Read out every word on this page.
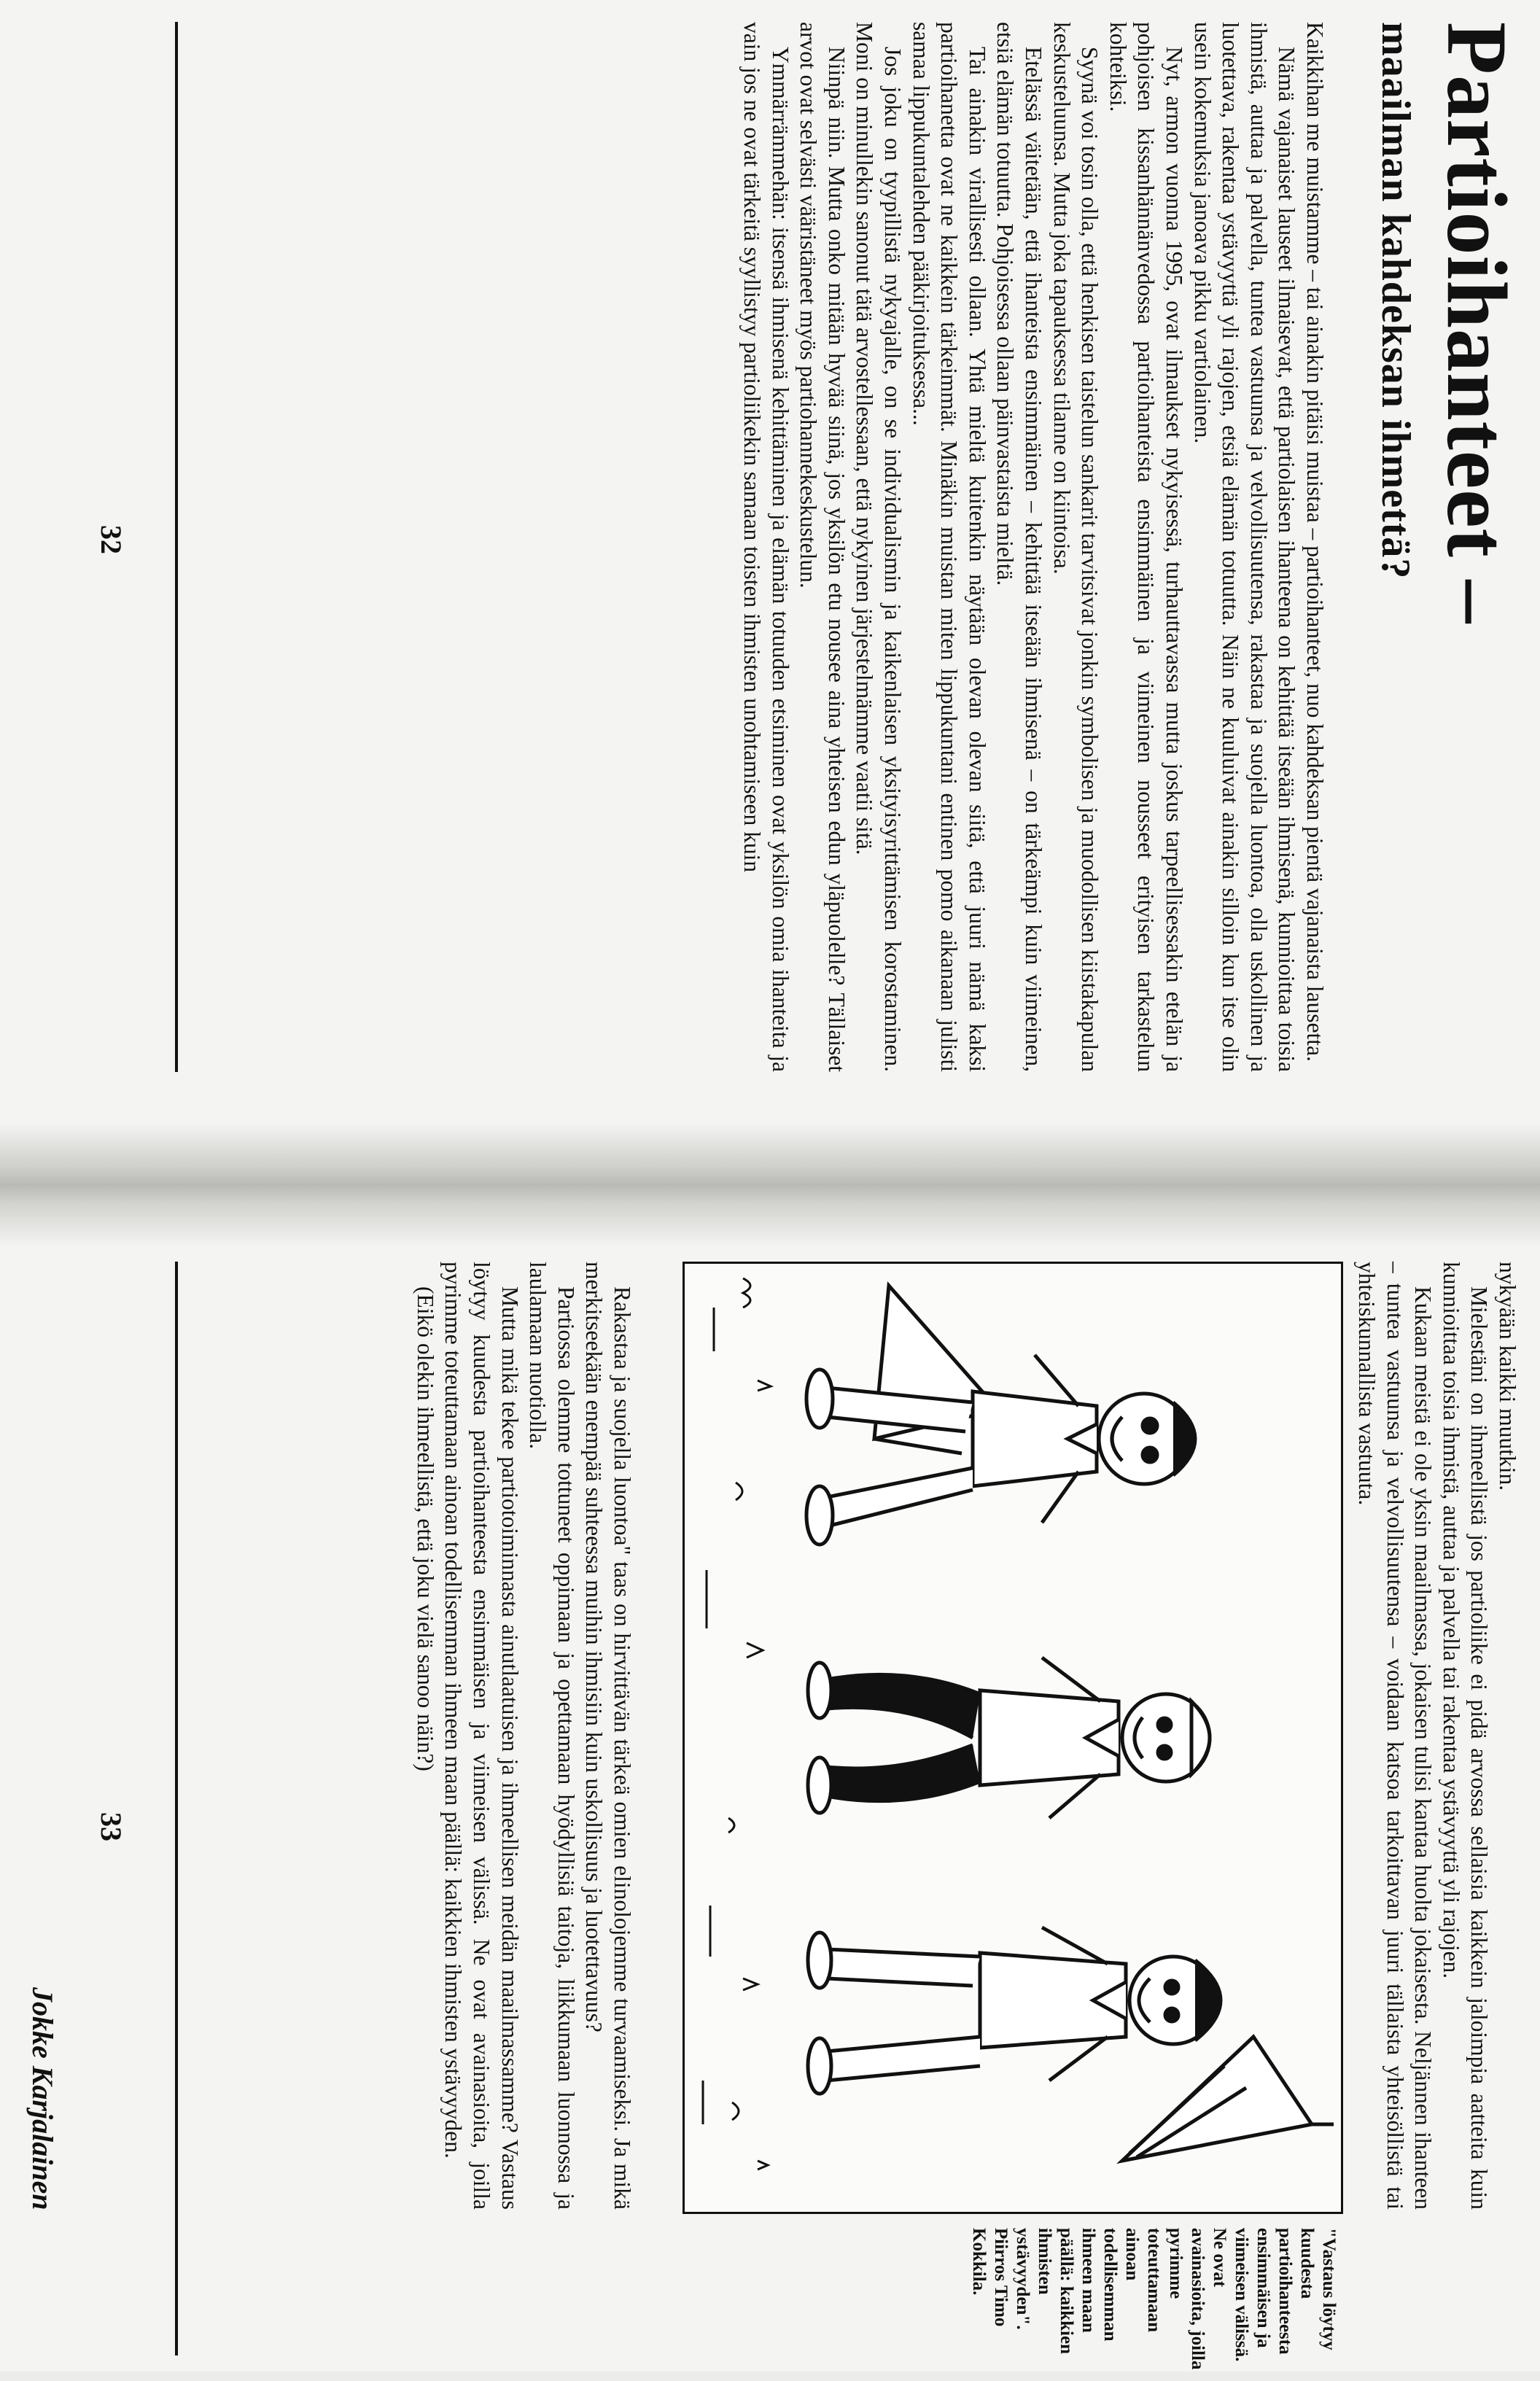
Partioihanteet –
maailman kahdeksan ihmettä?

Kaikkihan me muistamme – tai ainakin pitäisi muistaa – partioihanteet, nuo kahdeksan pientä vajanaista lausetta.

Nämä vajanaiset lauseet ilmaisevat, että partiolaisen ihanteena on kehittää itseään ihmisenä, kunnioittaa toisia ihmistä, auttaa ja palvella, tuntea vastuunsa ja velvollisuutensa, rakastaa ja suojella luontoa, olla uskollinen ja luotettava, rakentaa ystävyyttä yli rajojen, etsiä elämän totuutta. Näin ne kuuluivat ainakin silloin kun itse olin usein kokemuksia janoava pikku vartiolainen.

Nyt, armon vuonna 1995, ovat ilmaukset nykyisessä, turhauttavassa mutta joskus tarpeellisessakin etelän ja pohjoisen kissanhännänvedossa partioihanteista ensimmäinen ja viimeinen nousseet erityisen tarkastelun kohteiksi.

Syynä voi tosin olla, että henkisen taistelun sankarit tarvitsivat jonkin symbolisen ja muodollisen kiistakapulan keskusteluunsa. Mutta joka tapauksessa tilanne on kiintoisa.

Etelässä väitetään, että ihanteista ensimmäinen – kehittää itseään ihmisenä – on tärkeämpi kuin viimeinen, etsiä elämän totuutta. Pohjoisessa ollaan päinvastaista mieltä.

Tai ainakin virallisesti ollaan. Yhtä mieltä kuitenkin näytään olevan olevan siitä, että juuri nämä kaksi partioihanetta ovat ne kaikkein tärkeimmät. Minäkin muistan miten lippukuntani entinen pomo aikanaan julisti samaa lippukuntalehden pääkirjoituksessa...

Jos joku on tyypillistä nykyajalle, on se individualismin ja kaikenlaisen yksityisyrittämisen korostaminen. Moni on minullekin sanonut tätä arvostellessaan, että nykyinen järjestelmämme vaatii sitä.

Niinpä niin. Mutta onko mitään hyvää siinä, jos yksilön etu nousee aina yhteisen edun yläpuolelle? Tällaiset arvot ovat selvästi vääristäneet myös partiohannekeskustelun.

Ymmärrämmehän: itsensä ihmisenä kehittäminen ja elämän totuuden etsiminen ovat yksilön omia ihanteita ja vain jos ne ovat tärkeitä syyllistyy partioliikekin samaan toisten ihmisten unohtamiseen kuin

32

nykyään kaikki muutkin.

Mielestäni on ihmeellistä jos partioliike ei pidä arvossa sellaisia kaikkein jaloimpia aatteita kuin kunnioittaa toisia ihmistä, auttaa ja palvella tai rakentaa ystävyyttä yli rajojen.

Kukaan meistä ei ole yksin maailmassa, jokaisen tulisi kantaa huolta jokaisesta. Neljännen ihanteen – tuntea vastuunsa ja velvollisuutensa – voidaan katsoa tarkoittavan juuri tällaista yhteisöllistä tai yhteiskunnallista vastuuta.

"Vastaus löytyy kuudesta partioihanteesta ensimmäisen ja viimeisen välissä. Ne ovat avainasioita, joilla pyrimme toteuttamaan ainoan todellisemman ihmeen maan päällä: kaikkien ihmisten ystävyyden". Piirros Timo Kokkila.

Rakastaa ja suojella luontoa" taas on hirvittävän tärkeä omien elinolojemme turvaamiseksi. Ja mikä merkitseekään enempää suhteessa muihin ihmisiin kuin uskollisuus ja luotettavuus?

Partiossa olemme tottuneet oppimaan ja opettamaan hyödyllisiä taitoja, liikkumaan luonnossa ja laulamaan nuotiolla.

Mutta mikä tekee partiotoiminnasta ainutlaatuisen ja ihmeellisen meidän maailmassamme? Vastaus löytyy kuudesta partioihanteesta ensimmäisen ja viimeisen välissä. Ne ovat avainasioita, joilla pyrimme toteuttamaan ainoan todellisemman ihmeen maan päällä: kaikkien ihmisten ystävyyden.

(Eikö olekin ihmeellistä, että joku vielä sanoo näin?)

33
Jokke Karjalainen
